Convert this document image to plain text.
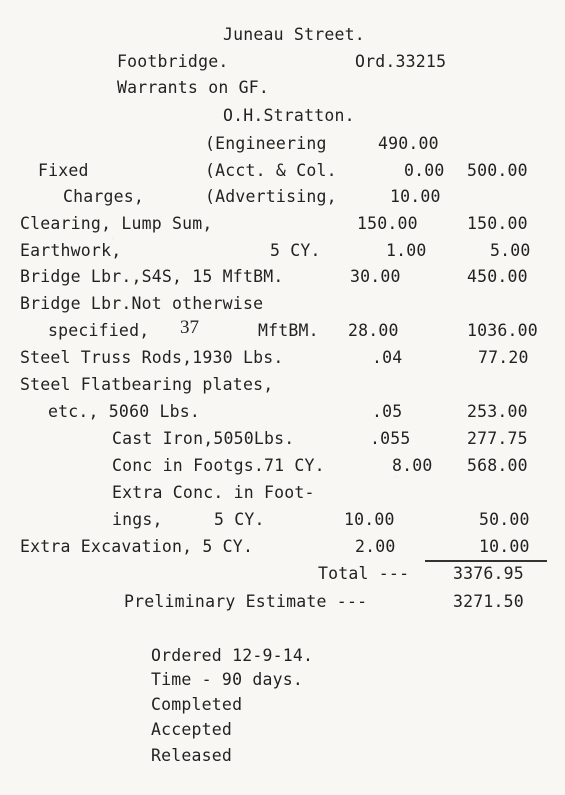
Juneau Street.
Footbridge.	Ord.33215
Warrants on GF.
O.H.Stratton.
(Engineering	490.00
Fixed	(Acct. & Col.	0.00 500.00
Charges,	(Advertising,	10.00
Clearing, Lump Sum,	150.00	150.00
Earthwork,	5 CY.	1.00	5.00
Bridge Lbr.,S4S, 15 MftBM.	30.00	450.00
Bridge Lbr.Not otherwise
specified, 37	MftBM. 28.00	1036.00
Steel Truss Rods,1930 Lbs.	.04	77.20
Steel Flatbearing plates,
etc., 5060 Lbs.	.05	253.00
Cast Iron,5050Lbs.	.055	277.75
Conc in Footgs.71 CY.	8.00 568.00
Extra Conc. in Foot-
ings,	5 CY.	10.00	50.00
Extra Excavation, 5 CY.	2.00	10.00
Total ---	3376.95
Preliminary Estimate ---	3271.50
Ordered 12-9-14.
Time - 90 days.
Completed
Accepted
Released
